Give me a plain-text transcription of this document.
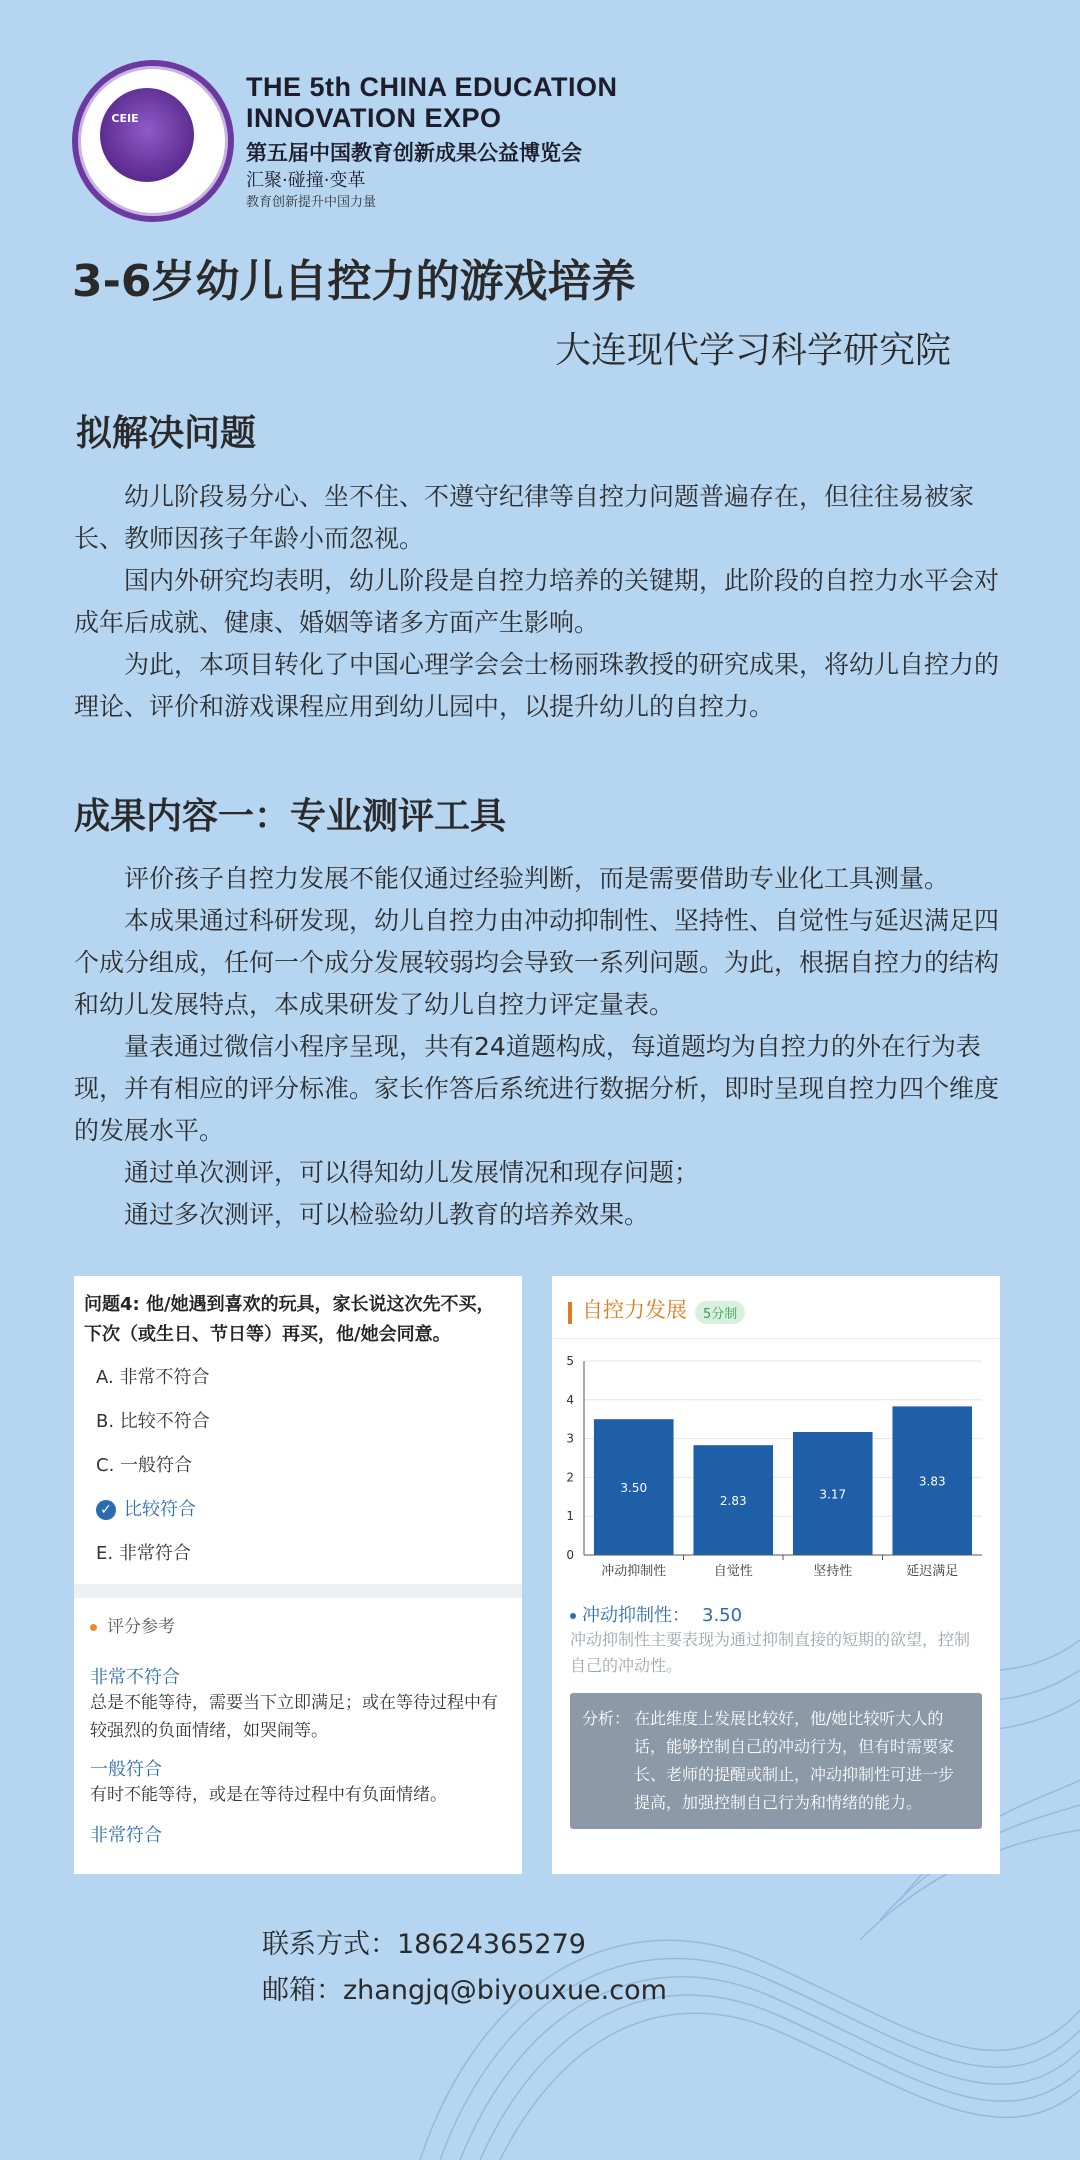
CEIE
THE 5th CHINA EDUCATION
INNOVATION EXPO
第五届中国教育创新成果公益博览会
汇聚·碰撞·变革
教育创新提升中国力量
3-6岁幼儿自控力的游戏培养
大连现代学习科学研究院
拟解决问题

幼儿阶段易分心、坐不住、不遵守纪律等自控力问题普遍存在，但往往易被家长、教师因孩子年龄小而忽视。

国内外研究均表明，幼儿阶段是自控力培养的关键期，此阶段的自控力水平会对成年后成就、健康、婚姻等诸多方面产生影响。

为此，本项目转化了中国心理学会会士杨丽珠教授的研究成果，将幼儿自控力的理论、评价和游戏课程应用到幼儿园中，以提升幼儿的自控力。

成果内容一：专业测评工具

评价孩子自控力发展不能仅通过经验判断，而是需要借助专业化工具测量。

本成果通过科研发现，幼儿自控力由冲动抑制性、坚持性、自觉性与延迟满足四个成分组成，任何一个成分发展较弱均会导致一系列问题。为此，根据自控力的结构和幼儿发展特点，本成果研发了幼儿自控力评定量表。

量表通过微信小程序呈现，共有24道题构成，每道题均为自控力的外在行为表现，并有相应的评分标准。家长作答后系统进行数据分析，即时呈现自控力四个维度的发展水平。

通过单次测评，可以得知幼儿发展情况和现存问题；

通过多次测评，可以检验幼儿教育的培养效果。

问题4: 他/她遇到喜欢的玩具，家长说这次先不买，下次（或生日、节日等）再买，他/她会同意。
A. 非常不符合
B. 比较不符合
C. 一般符合
✓ 比较符合
E. 非常符合
评分参考
非常不符合
总是不能等待，需要当下立即满足；或在等待过程中有较强烈的负面情绪，如哭闹等。
一般符合
有时不能等待，或是在等待过程中有负面情绪。
非常符合
自控力发展 5分制
0
1
2
3
4
5
3.50
冲动抑制性
2.83
自觉性
3.17
坚持性
3.83
延迟满足
冲动抑制性： 3.50
冲动抑制性主要表现为通过抑制直接的短期的欲望，控制自己的冲动性。
分析： 在此维度上发展比较好，他/她比较听大人的话，能够控制自己的冲动行为，但有时需要家长、老师的提醒或制止，冲动抑制性可进一步提高，加强控制自己行为和情绪的能力。
联系方式：18624365279
邮箱：zhangjq@biyouxue.com
